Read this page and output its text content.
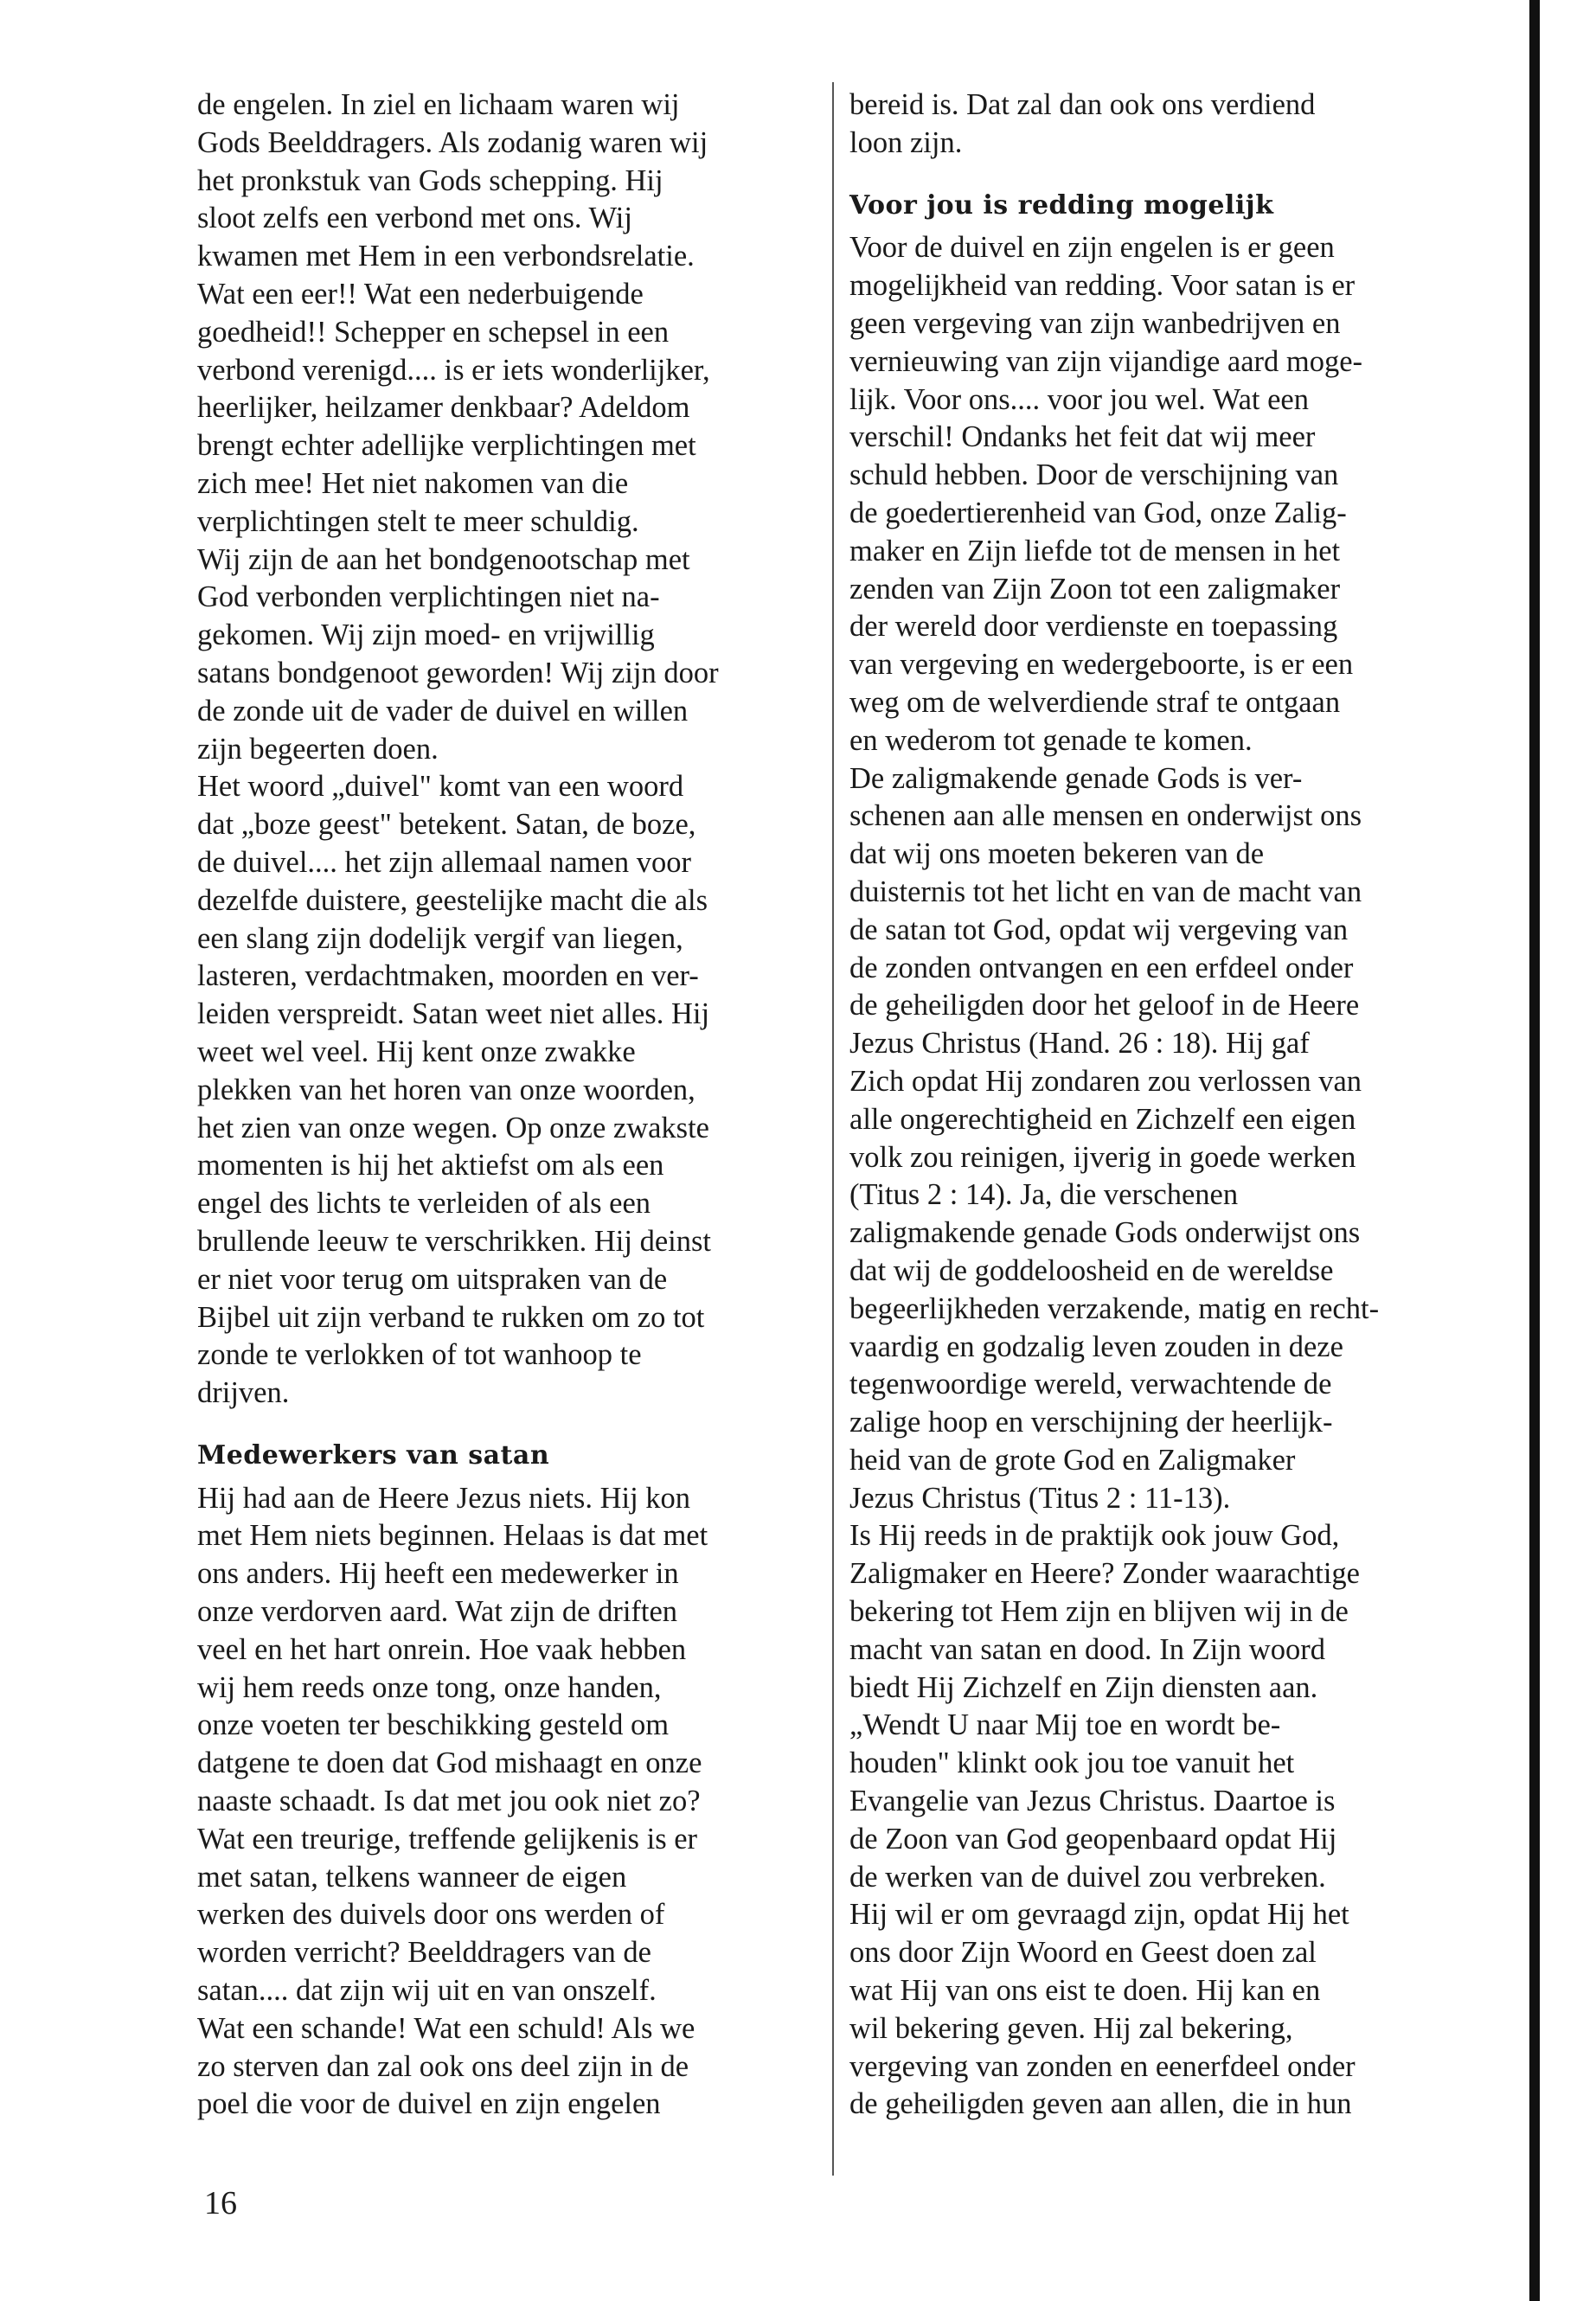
de engelen. In ziel en lichaam waren wij
Gods Beelddragers. Als zodanig waren wij
het pronkstuk van Gods schepping. Hij
sloot zelfs een verbond met ons. Wij
kwamen met Hem in een verbondsrelatie.
Wat een eer!! Wat een nederbuigende
goedheid!! Schepper en schepsel in een
verbond verenigd.... is er iets wonderlijker,
heerlijker, heilzamer denkbaar? Adeldom
brengt echter adellijke verplichtingen met
zich mee! Het niet nakomen van die
verplichtingen stelt te meer schuldig.
Wij zijn de aan het bondgenootschap met
God verbonden verplichtingen niet na-
gekomen. Wij zijn moed- en vrijwillig
satans bondgenoot geworden! Wij zijn door
de zonde uit de vader de duivel en willen
zijn begeerten doen.
Het woord „duivel" komt van een woord
dat „boze geest" betekent. Satan, de boze,
de duivel.... het zijn allemaal namen voor
dezelfde duistere, geestelijke macht die als
een slang zijn dodelijk vergif van liegen,
lasteren, verdachtmaken, moorden en ver-
leiden verspreidt. Satan weet niet alles. Hij
weet wel veel. Hij kent onze zwakke
plekken van het horen van onze woorden,
het zien van onze wegen. Op onze zwakste
momenten is hij het aktiefst om als een
engel des lichts te verleiden of als een
brullende leeuw te verschrikken. Hij deinst
er niet voor terug om uitspraken van de
Bijbel uit zijn verband te rukken om zo tot
zonde te verlokken of tot wanhoop te
drijven.
Medewerkers van satan
Hij had aan de Heere Jezus niets. Hij kon
met Hem niets beginnen. Helaas is dat met
ons anders. Hij heeft een medewerker in
onze verdorven aard. Wat zijn de driften
veel en het hart onrein. Hoe vaak hebben
wij hem reeds onze tong, onze handen,
onze voeten ter beschikking gesteld om
datgene te doen dat God mishaagt en onze
naaste schaadt. Is dat met jou ook niet zo?
Wat een treurige, treffende gelijkenis is er
met satan, telkens wanneer de eigen
werken des duivels door ons werden of
worden verricht? Beelddragers van de
satan.... dat zijn wij uit en van onszelf.
Wat een schande! Wat een schuld! Als we
zo sterven dan zal ook ons deel zijn in de
poel die voor de duivel en zijn engelen
bereid is. Dat zal dan ook ons verdiend
loon zijn.
Voor jou is redding mogelijk
Voor de duivel en zijn engelen is er geen
mogelijkheid van redding. Voor satan is er
geen vergeving van zijn wanbedrijven en
vernieuwing van zijn vijandige aard moge-
lijk. Voor ons.... voor jou wel. Wat een
verschil! Ondanks het feit dat wij meer
schuld hebben. Door de verschijning van
de goedertierenheid van God, onze Zalig-
maker en Zijn liefde tot de mensen in het
zenden van Zijn Zoon tot een zaligmaker
der wereld door verdienste en toepassing
van vergeving en wedergeboorte, is er een
weg om de welverdiende straf te ontgaan
en wederom tot genade te komen.
De zaligmakende genade Gods is ver-
schenen aan alle mensen en onderwijst ons
dat wij ons moeten bekeren van de
duisternis tot het licht en van de macht van
de satan tot God, opdat wij vergeving van
de zonden ontvangen en een erfdeel onder
de geheiligden door het geloof in de Heere
Jezus Christus (Hand. 26 : 18). Hij gaf
Zich opdat Hij zondaren zou verlossen van
alle ongerechtigheid en Zichzelf een eigen
volk zou reinigen, ijverig in goede werken
(Titus 2 : 14). Ja, die verschenen
zaligmakende genade Gods onderwijst ons
dat wij de goddeloosheid en de wereldse
begeerlijkheden verzakende, matig en recht-
vaardig en godzalig leven zouden in deze
tegenwoordige wereld, verwachtende de
zalige hoop en verschijning der heerlijk-
heid van de grote God en Zaligmaker
Jezus Christus (Titus 2 : 11-13).
Is Hij reeds in de praktijk ook jouw God,
Zaligmaker en Heere? Zonder waarachtige
bekering tot Hem zijn en blijven wij in de
macht van satan en dood. In Zijn woord
biedt Hij Zichzelf en Zijn diensten aan.
„Wendt U naar Mij toe en wordt be-
houden" klinkt ook jou toe vanuit het
Evangelie van Jezus Christus. Daartoe is
de Zoon van God geopenbaard opdat Hij
de werken van de duivel zou verbreken.
Hij wil er om gevraagd zijn, opdat Hij het
ons door Zijn Woord en Geest doen zal
wat Hij van ons eist te doen. Hij kan en
wil bekering geven. Hij zal bekering,
vergeving van zonden en eenerfdeel onder
de geheiligden geven aan allen, die in hun
16
